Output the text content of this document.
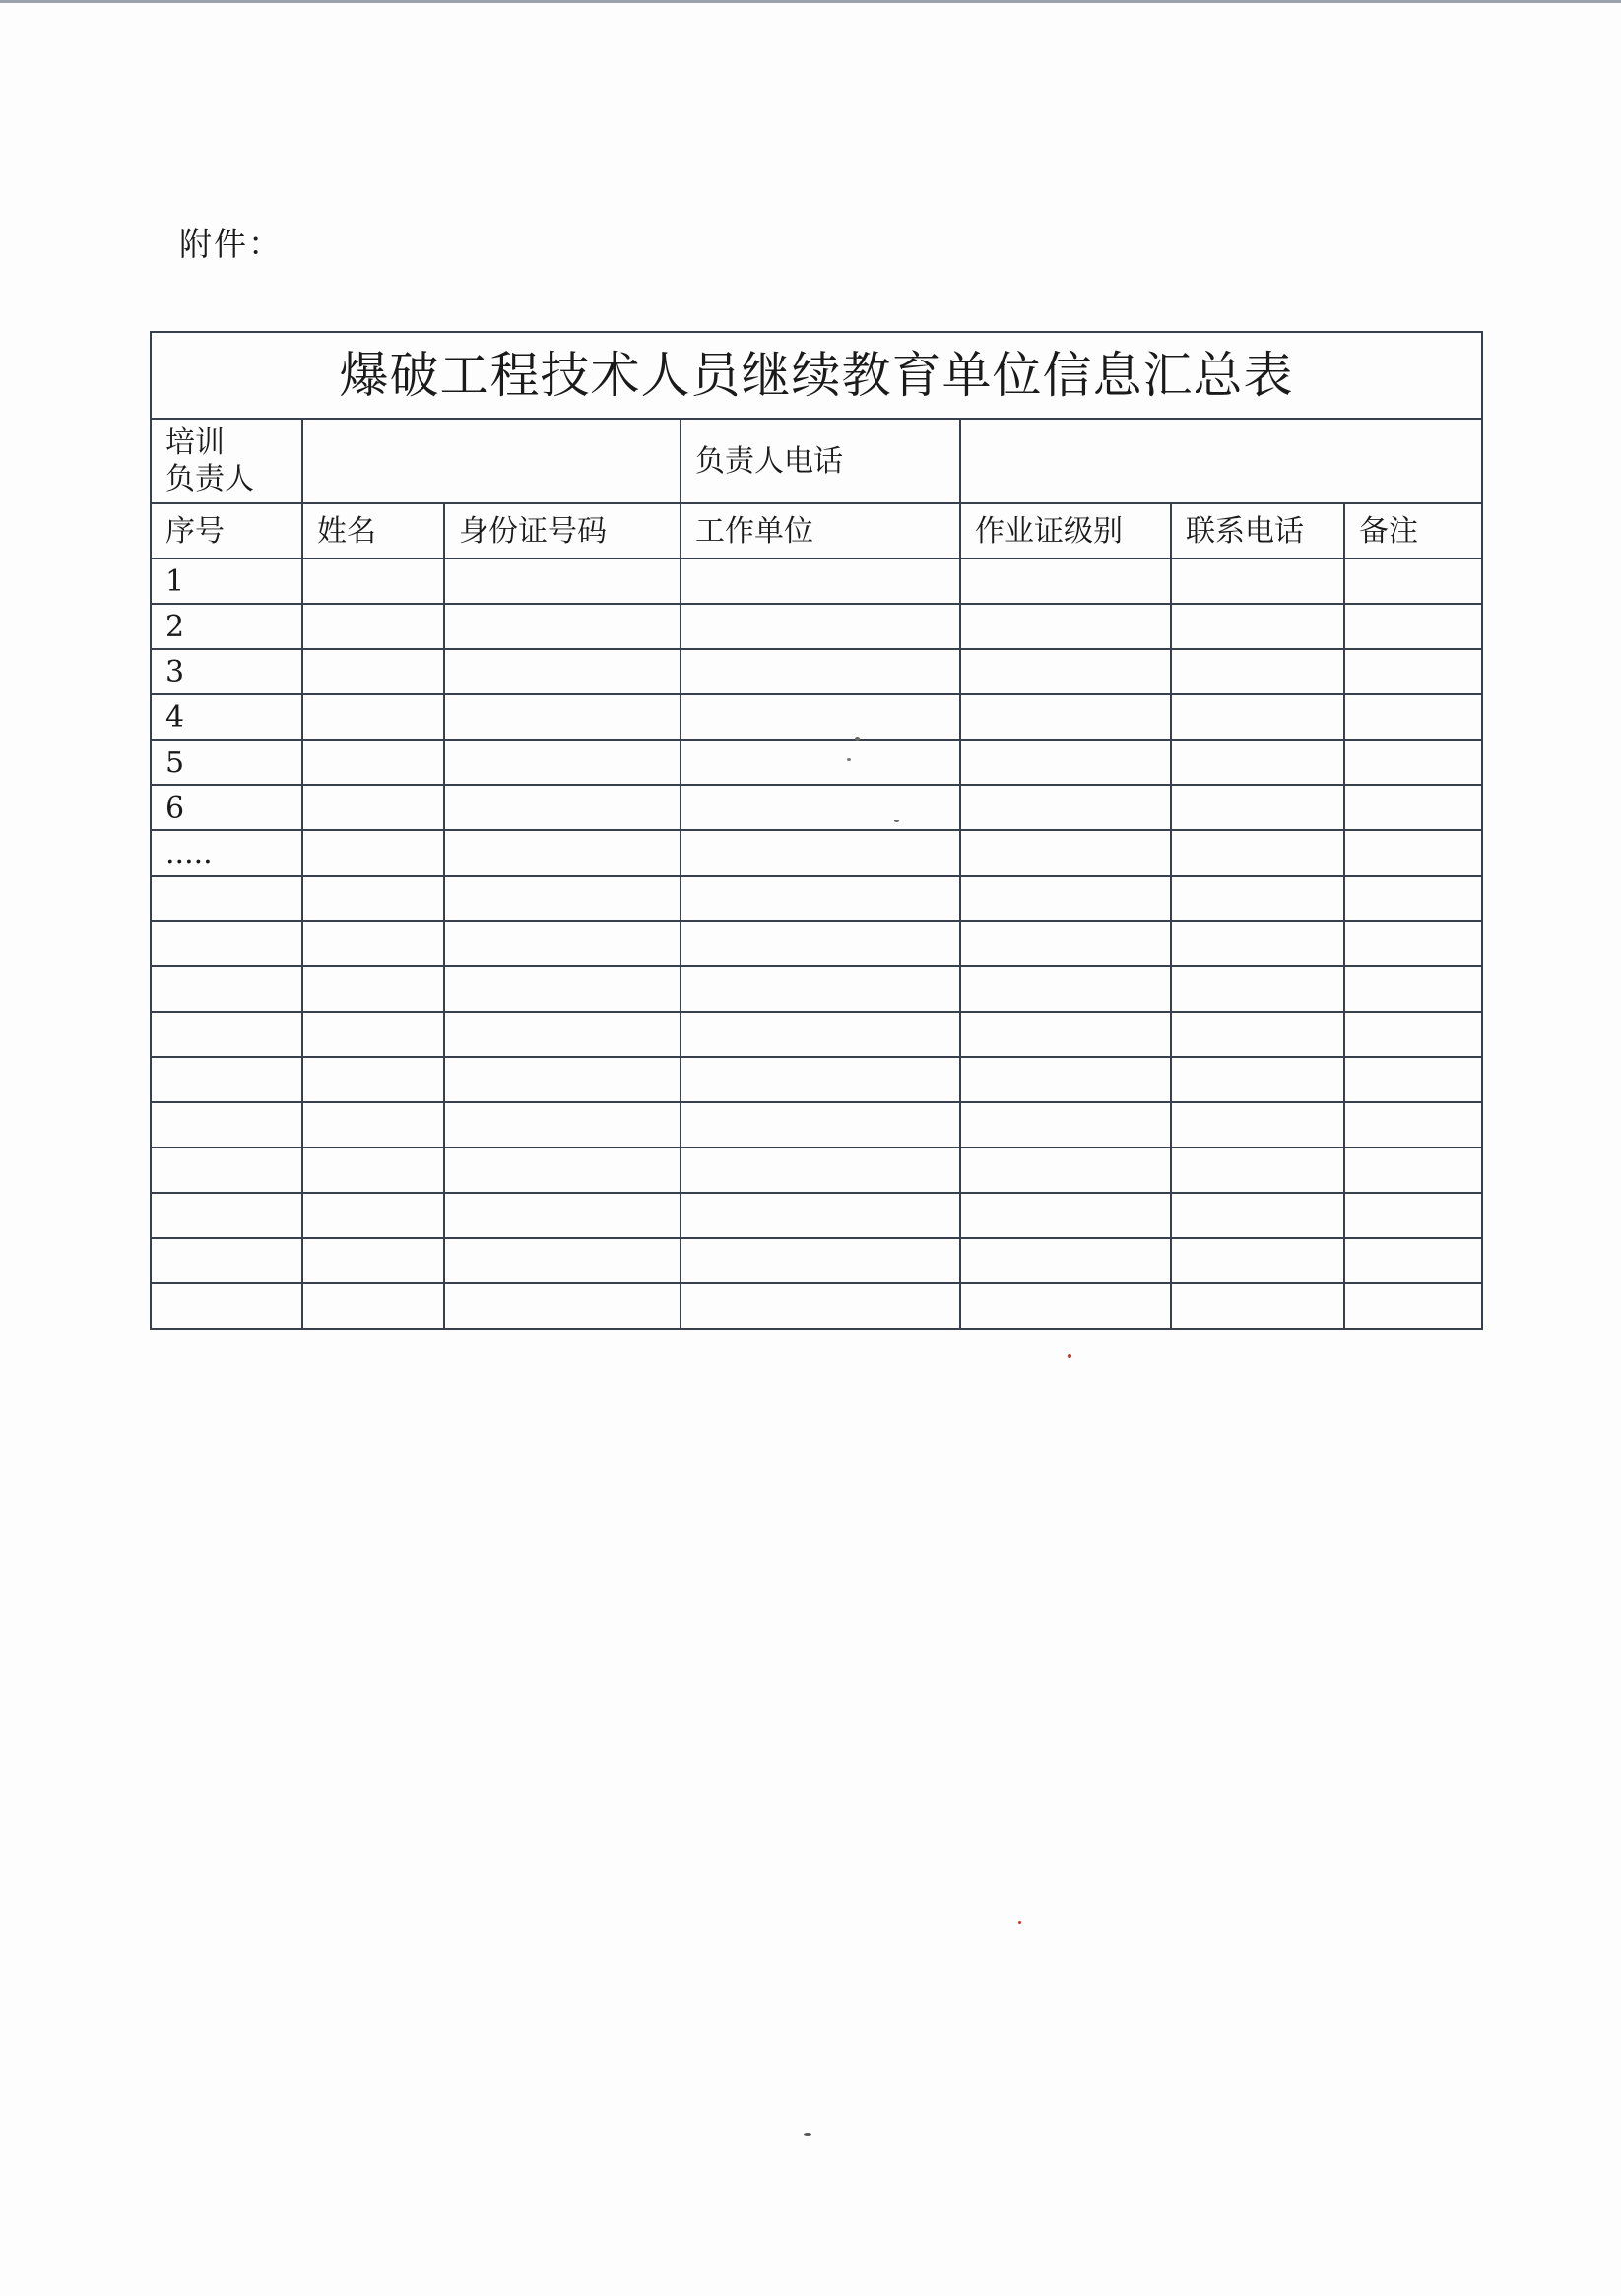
附件：
爆破工程技术人员继续教育单位信息汇总表						

培训
负责人			负责人电话			
序号	姓名	身份证号码	工作单位	作业证级别	联系电话	备注
1						
2						
3						
4						
5						
6						
.....						
